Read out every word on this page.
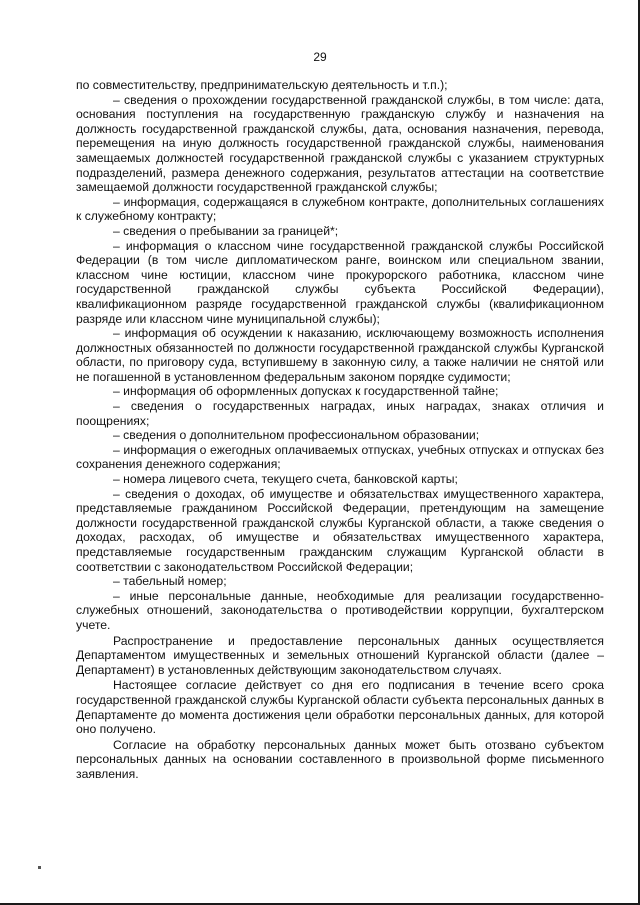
29

по совместительству, предпринимательскую деятельность и т.п.);

– сведения о прохождении государственной гражданской службы, в том числе: дата, основания поступления на государственную гражданскую службу и назначения на должность государственной гражданской службы, дата, основания назначения, перевода, перемещения на иную должность государственной гражданской службы, наименования замещаемых должностей государственной гражданской службы с указанием структурных подразделений, размера денежного содержания, результатов аттестации на соответствие замещаемой должности государственной гражданской службы;

– информация, содержащаяся в служебном контракте, дополнительных соглашениях к служебному контракту;

– сведения о пребывании за границей*;

– информация о классном чине государственной гражданской службы Российской Федерации (в том числе дипломатическом ранге, воинском или специальном звании, классном чине юстиции, классном чине прокурорского работника, классном чине государственной гражданской службы субъекта Российской Федерации), квалификационном разряде государственной гражданской службы (квалификационном разряде или классном чине муниципальной службы);

– информация об осуждении к наказанию, исключающему возможность исполнения должностных обязанностей по должности государственной гражданской службы Курганской области, по приговору суда, вступившему в законную силу, а также наличии не снятой или не погашенной в установленном федеральным законом порядке судимости;

– информация об оформленных допусках к государственной тайне;

– сведения о государственных наградах, иных наградах, знаках отличия и поощрениях;

– сведения о дополнительном профессиональном образовании;

– информация о ежегодных оплачиваемых отпусках, учебных отпусках и отпусках без сохранения денежного содержания;

– номера лицевого счета, текущего счета, банковской карты;

– сведения о доходах, об имуществе и обязательствах имущественного характера, представляемые гражданином Российской Федерации, претендующим на замещение должности государственной гражданской службы Курганской области, а также сведения о доходах, расходах, об имуществе и обязательствах имущественного характера, представляемые государственным гражданским служащим Курганской области в соответствии с законодательством Российской Федерации;

– табельный номер;

– иные персональные данные, необходимые для реализации государственно-служебных отношений, законодательства о противодействии коррупции, бухгалтерском учете.

Распространение и предоставление персональных данных осуществляется Департаментом имущественных и земельных отношений Курганской области (далее – Департамент) в установленных действующим законодательством случаях.

Настоящее согласие действует со дня его подписания в течение всего срока государственной гражданской службы Курганской области субъекта персональных данных в Департаменте до момента достижения цели обработки персональных данных, для которой оно получено.

Согласие на обработку персональных данных может быть отозвано субъектом персональных данных на основании составленного в произвольной форме письменного заявления.
